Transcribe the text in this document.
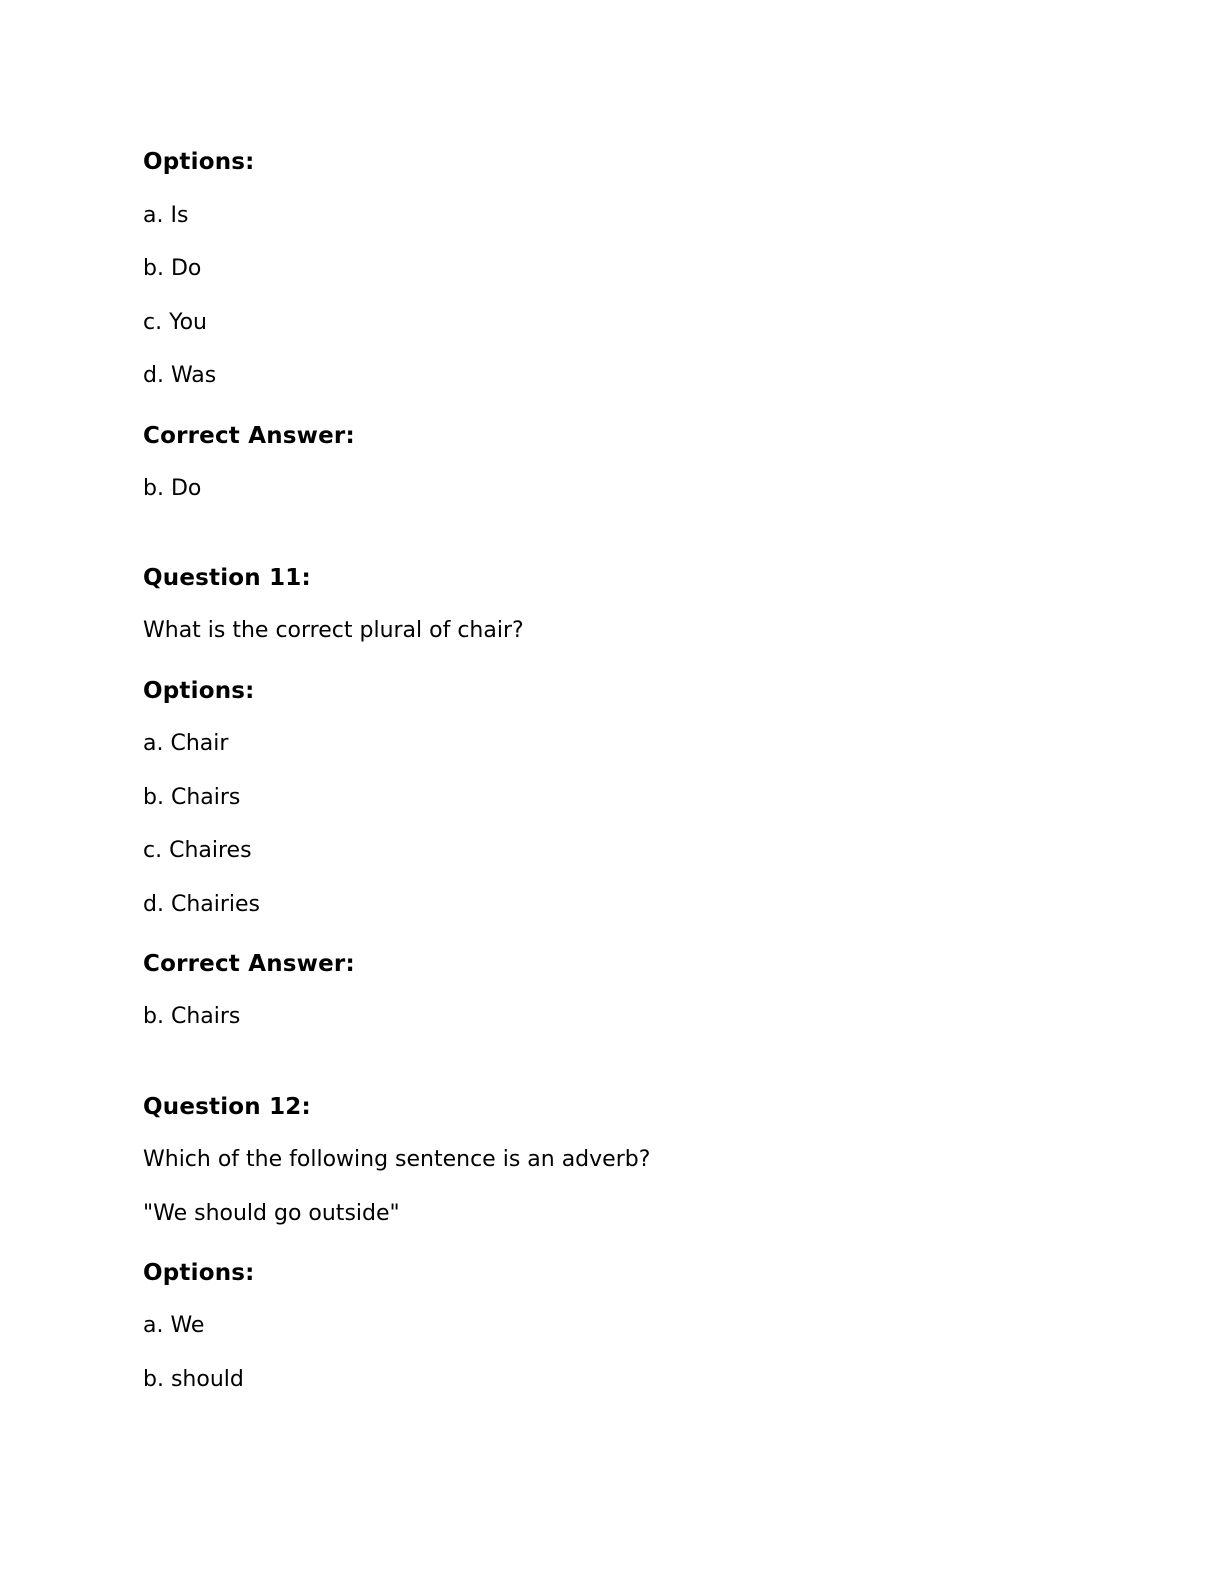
Options:
a. Is
b. Do
c. You
d. Was
Correct Answer:
b. Do
Question 11:
What is the correct plural of chair?
Options:
a. Chair
b. Chairs
c. Chaires
d. Chairies
Correct Answer:
b. Chairs
Question 12:
Which of the following sentence is an adverb?
"We should go outside"
Options:
a. We
b. should
